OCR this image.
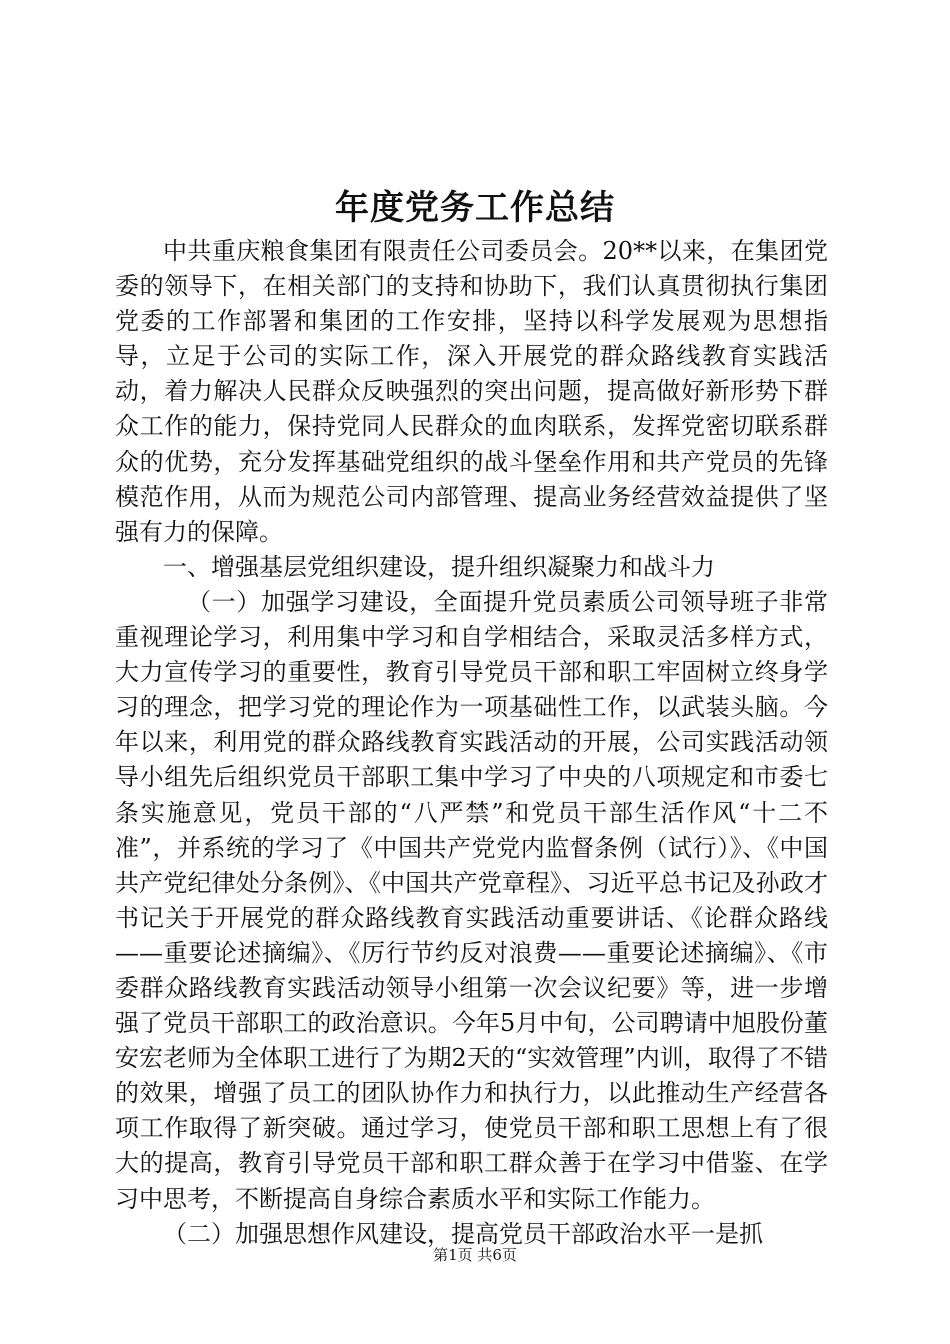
年度党务工作总结

中共重庆粮食集团有限责任公司委员会。20**以来，在集团党委的领导下，在相关部门的支持和协助下，我们认真贯彻执行集团党委的工作部署和集团的工作安排，坚持以科学发展观为思想指导，立足于公司的实际工作，深入开展党的群众路线教育实践活动，着力解决人民群众反映强烈的突出问题，提高做好新形势下群众工作的能力，保持党同人民群众的血肉联系，发挥党密切联系群众的优势，充分发挥基础党组织的战斗堡垒作用和共产党员的先锋模范作用，从而为规范公司内部管理、提高业务经营效益提供了坚强有力的保障。

一、增强基层党组织建设，提升组织凝聚力和战斗力

（一）加强学习建设，全面提升党员素质公司领导班子非常重视理论学习，利用集中学习和自学相结合，采取灵活多样方式，大力宣传学习的重要性，教育引导党员干部和职工牢固树立终身学习的理念，把学习党的理论作为一项基础性工作，以武装头脑。今年以来，利用党的群众路线教育实践活动的开展，公司实践活动领导小组先后组织党员干部职工集中学习了中央的八项规定和市委七条实施意见，党员干部的“八严禁”和党员干部生活作风“十二不准”，并系统的学习了《中国共产党党内监督条例（试行）》、《中国共产党纪律处分条例》、《中国共产党章程》、习近平总书记及孙政才书记关于开展党的群众路线教育实践活动重要讲话、《论群众路线——重要论述摘编》、《厉行节约反对浪费——重要论述摘编》、《市委群众路线教育实践活动领导小组第一次会议纪要》等，进一步增强了党员干部职工的政治意识。今年5月中旬，公司聘请中旭股份董安宏老师为全体职工进行了为期2天的“实效管理”内训，取得了不错的效果，增强了员工的团队协作力和执行力，以此推动生产经营各项工作取得了新突破。通过学习，使党员干部和职工思想上有了很大的提高，教育引导党员干部和职工群众善于在学习中借鉴、在学习中思考，不断提高自身综合素质水平和实际工作能力。

（二）加强思想作风建设，提高党员干部政治水平一是抓

第1页 共6页
